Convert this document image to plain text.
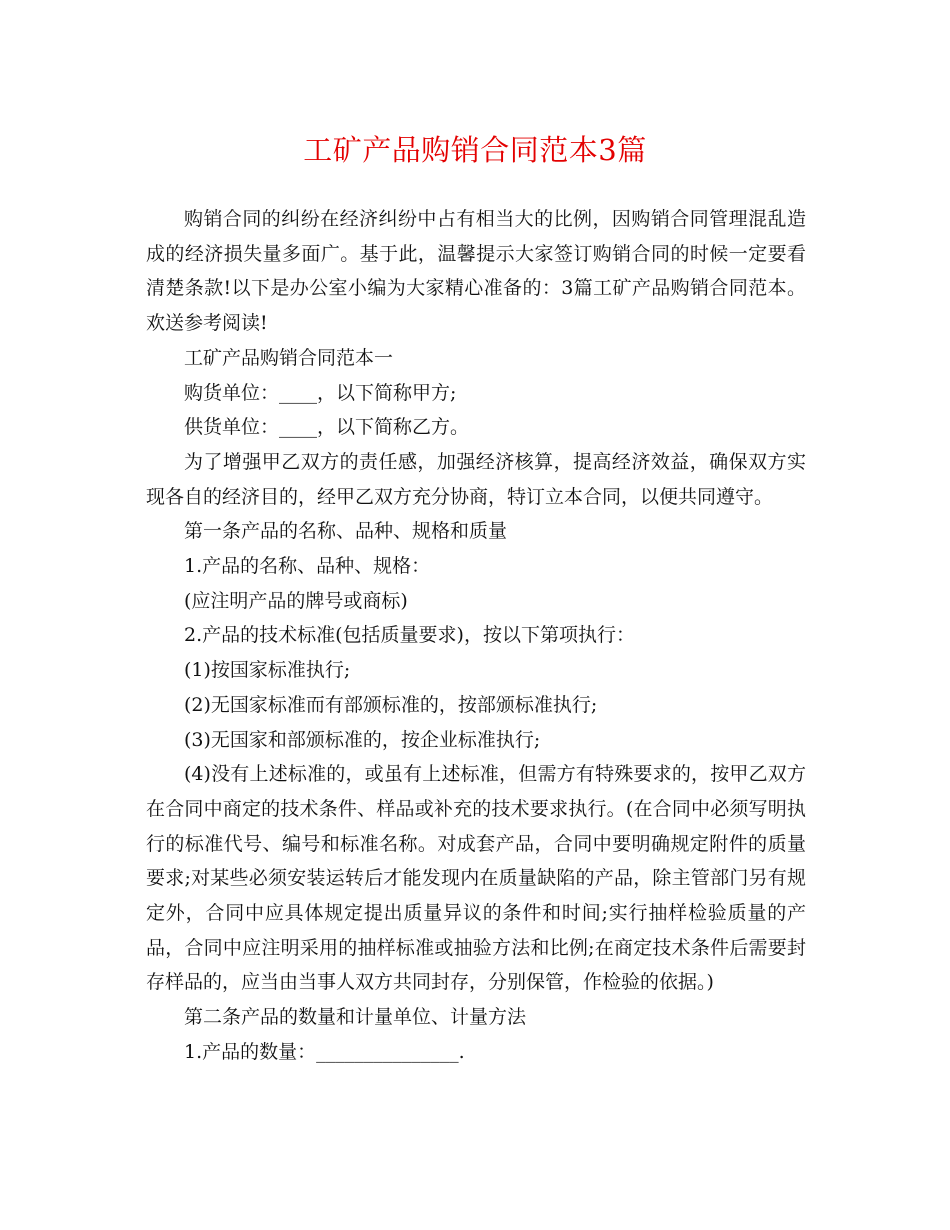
工矿产品购销合同范本3篇

购销合同的纠纷在经济纠纷中占有相当大的比例，因购销合同管理混乱造成的经济损失量多面广。基于此，温馨提示大家签订购销合同的时候一定要看清楚条款!以下是办公室小编为大家精心准备的：3篇工矿产品购销合同范本。欢送参考阅读!

工矿产品购销合同范本一

购货单位：____，以下简称甲方;

供货单位：____，以下简称乙方。

为了增强甲乙双方的责任感，加强经济核算，提高经济效益，确保双方实现各自的经济目的，经甲乙双方充分协商，特订立本合同，以便共同遵守。

第一条产品的名称、品种、规格和质量

1.产品的名称、品种、规格：

(应注明产品的牌号或商标)

2.产品的技术标准(包括质量要求)，按以下第项执行：

(1)按国家标准执行;

(2)无国家标准而有部颁标准的，按部颁标准执行;

(3)无国家和部颁标准的，按企业标准执行;

(4)没有上述标准的，或虽有上述标准，但需方有特殊要求的，按甲乙双方在合同中商定的技术条件、样品或补充的技术要求执行。(在合同中必须写明执行的标准代号、编号和标准名称。对成套产品，合同中要明确规定附件的质量要求;对某些必须安装运转后才能发现内在质量缺陷的产品，除主管部门另有规定外，合同中应具体规定提出质量异议的条件和时间;实行抽样检验质量的产品，合同中应注明采用的抽样标准或抽验方法和比例;在商定技术条件后需要封存样品的，应当由当事人双方共同封存，分别保管，作检验的依据。)

第二条产品的数量和计量单位、计量方法

1.产品的数量：_______________.
